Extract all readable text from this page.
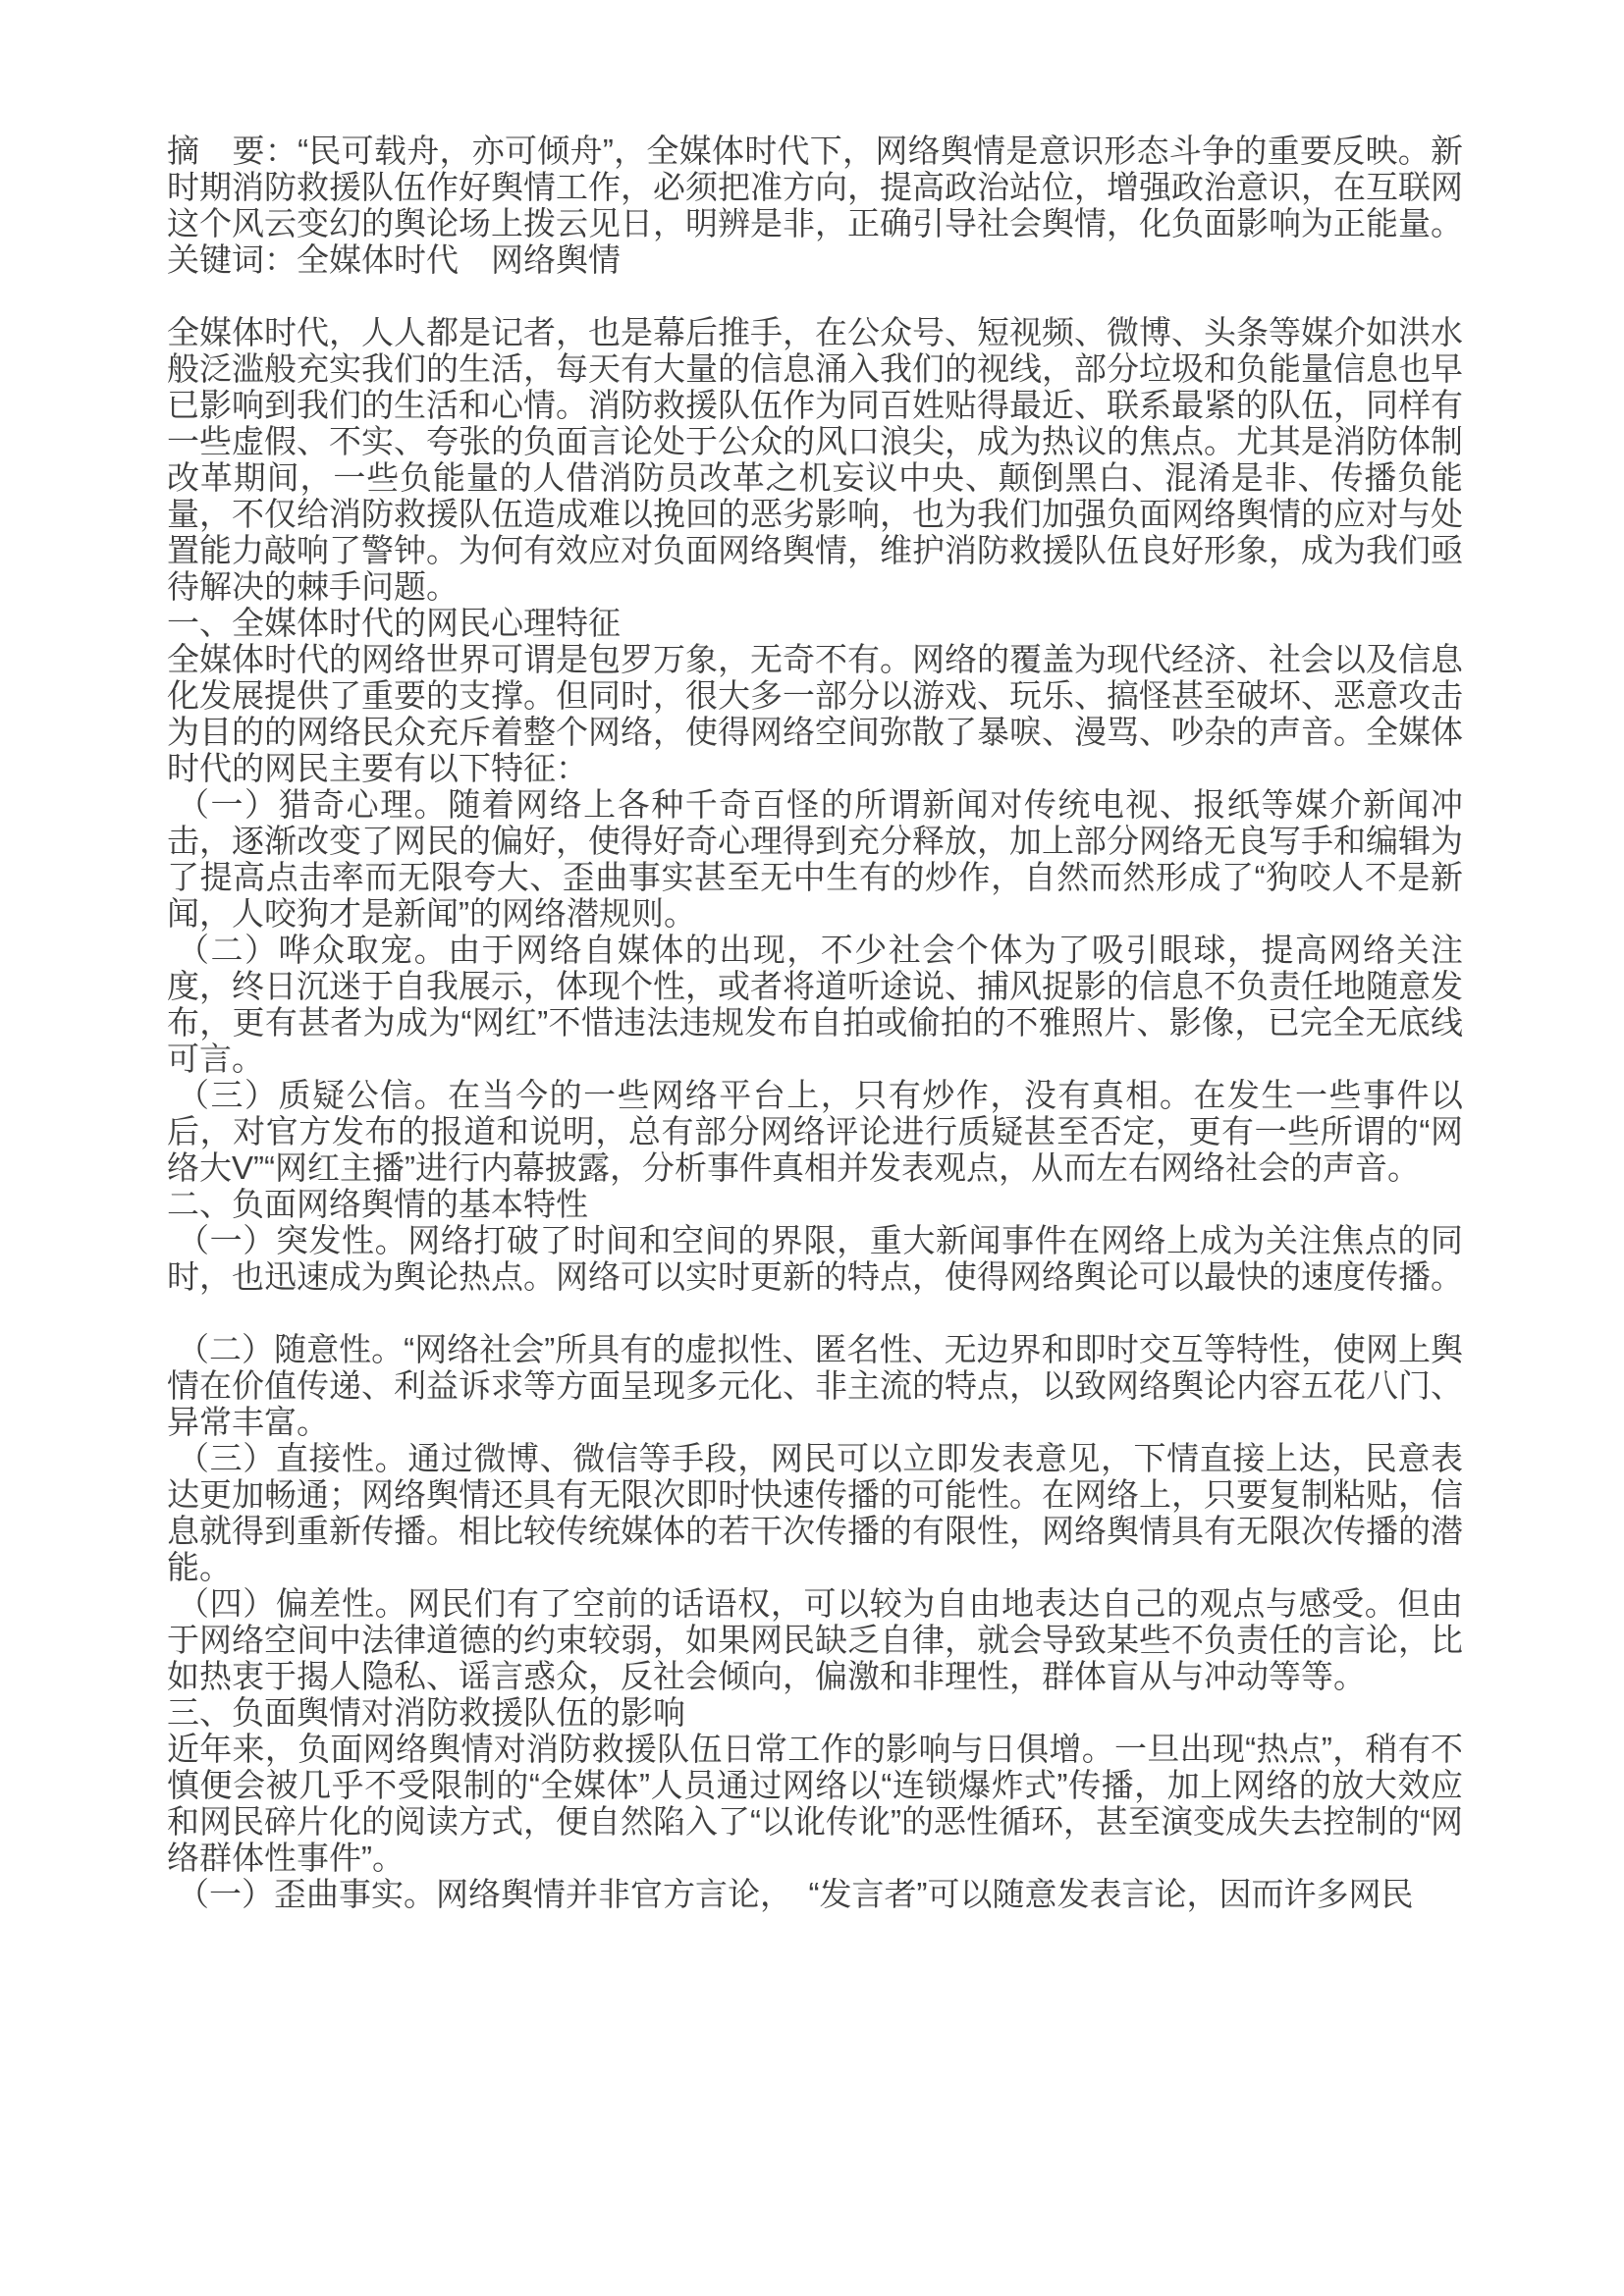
摘　要：“民可载舟，亦可倾舟”，全媒体时代下，网络舆情是意识形态斗争的重要反映。新时期消防救援队伍作好舆情工作，必须把准方向，提高政治站位，增强政治意识，在互联网这个风云变幻的舆论场上拨云见日，明辨是非，正确引导社会舆情，化负面影响为正能量。

关键词：全媒体时代　网络舆情

全媒体时代，人人都是记者，也是幕后推手，在公众号、短视频、微博、头条等媒介如洪水般泛滥般充实我们的生活，每天有大量的信息涌入我们的视线，部分垃圾和负能量信息也早已影响到我们的生活和心情。消防救援队伍作为同百姓贴得最近、联系最紧的队伍，同样有一些虚假、不实、夸张的负面言论处于公众的风口浪尖，成为热议的焦点。尤其是消防体制改革期间，一些负能量的人借消防员改革之机妄议中央、颠倒黑白、混淆是非、传播负能量，不仅给消防救援队伍造成难以挽回的恶劣影响，也为我们加强负面网络舆情的应对与处置能力敲响了警钟。为何有效应对负面网络舆情，维护消防救援队伍良好形象，成为我们亟待解决的棘手问题。

一、全媒体时代的网民心理特征

全媒体时代的网络世界可谓是包罗万象，无奇不有。网络的覆盖为现代经济、社会以及信息化发展提供了重要的支撑。但同时，很大多一部分以游戏、玩乐、搞怪甚至破坏、恶意攻击为目的的网络民众充斥着整个网络，使得网络空间弥散了暴唳、漫骂、吵杂的声音。全媒体时代的网民主要有以下特征：

（一）猎奇心理。随着网络上各种千奇百怪的所谓新闻对传统电视、报纸等媒介新闻冲击，逐渐改变了网民的偏好，使得好奇心理得到充分释放，加上部分网络无良写手和编辑为了提高点击率而无限夸大、歪曲事实甚至无中生有的炒作，自然而然形成了“狗咬人不是新闻，人咬狗才是新闻”的网络潜规则。

（二）哗众取宠。由于网络自媒体的出现，不少社会个体为了吸引眼球，提高网络关注度，终日沉迷于自我展示，体现个性，或者将道听途说、捕风捉影的信息不负责任地随意发布，更有甚者为成为“网红”不惜违法违规发布自拍或偷拍的不雅照片、影像，已完全无底线可言。

（三）质疑公信。在当今的一些网络平台上，只有炒作，没有真相。在发生一些事件以后，对官方发布的报道和说明，总有部分网络评论进行质疑甚至否定，更有一些所谓的“网络大V”“网红主播”进行内幕披露，分析事件真相并发表观点，从而左右网络社会的声音。

二、负面网络舆情的基本特性

（一）突发性。网络打破了时间和空间的界限，重大新闻事件在网络上成为关注焦点的同时，也迅速成为舆论热点。网络可以实时更新的特点，使得网络舆论可以最快的速度传播。

（二）随意性。“网络社会”所具有的虚拟性、匿名性、无边界和即时交互等特性，使网上舆情在价值传递、利益诉求等方面呈现多元化、非主流的特点，以致网络舆论内容五花八门、异常丰富。

（三）直接性。通过微博、微信等手段，网民可以立即发表意见，下情直接上达，民意表达更加畅通；网络舆情还具有无限次即时快速传播的可能性。在网络上，只要复制粘贴，信息就得到重新传播。相比较传统媒体的若干次传播的有限性，网络舆情具有无限次传播的潜能。

（四）偏差性。网民们有了空前的话语权，可以较为自由地表达自己的观点与感受。但由于网络空间中法律道德的约束较弱，如果网民缺乏自律，就会导致某些不负责任的言论，比如热衷于揭人隐私、谣言惑众，反社会倾向，偏激和非理性，群体盲从与冲动等等。

三、负面舆情对消防救援队伍的影响

近年来，负面网络舆情对消防救援队伍日常工作的影响与日俱增。一旦出现“热点”，稍有不慎便会被几乎不受限制的“全媒体”人员通过网络以“连锁爆炸式”传播，加上网络的放大效应和网民碎片化的阅读方式，便自然陷入了“以讹传讹”的恶性循环，甚至演变成失去控制的“网络群体性事件”。

（一）歪曲事实。网络舆情并非官方言论，　“发言者”可以随意发表言论，因而许多网民
